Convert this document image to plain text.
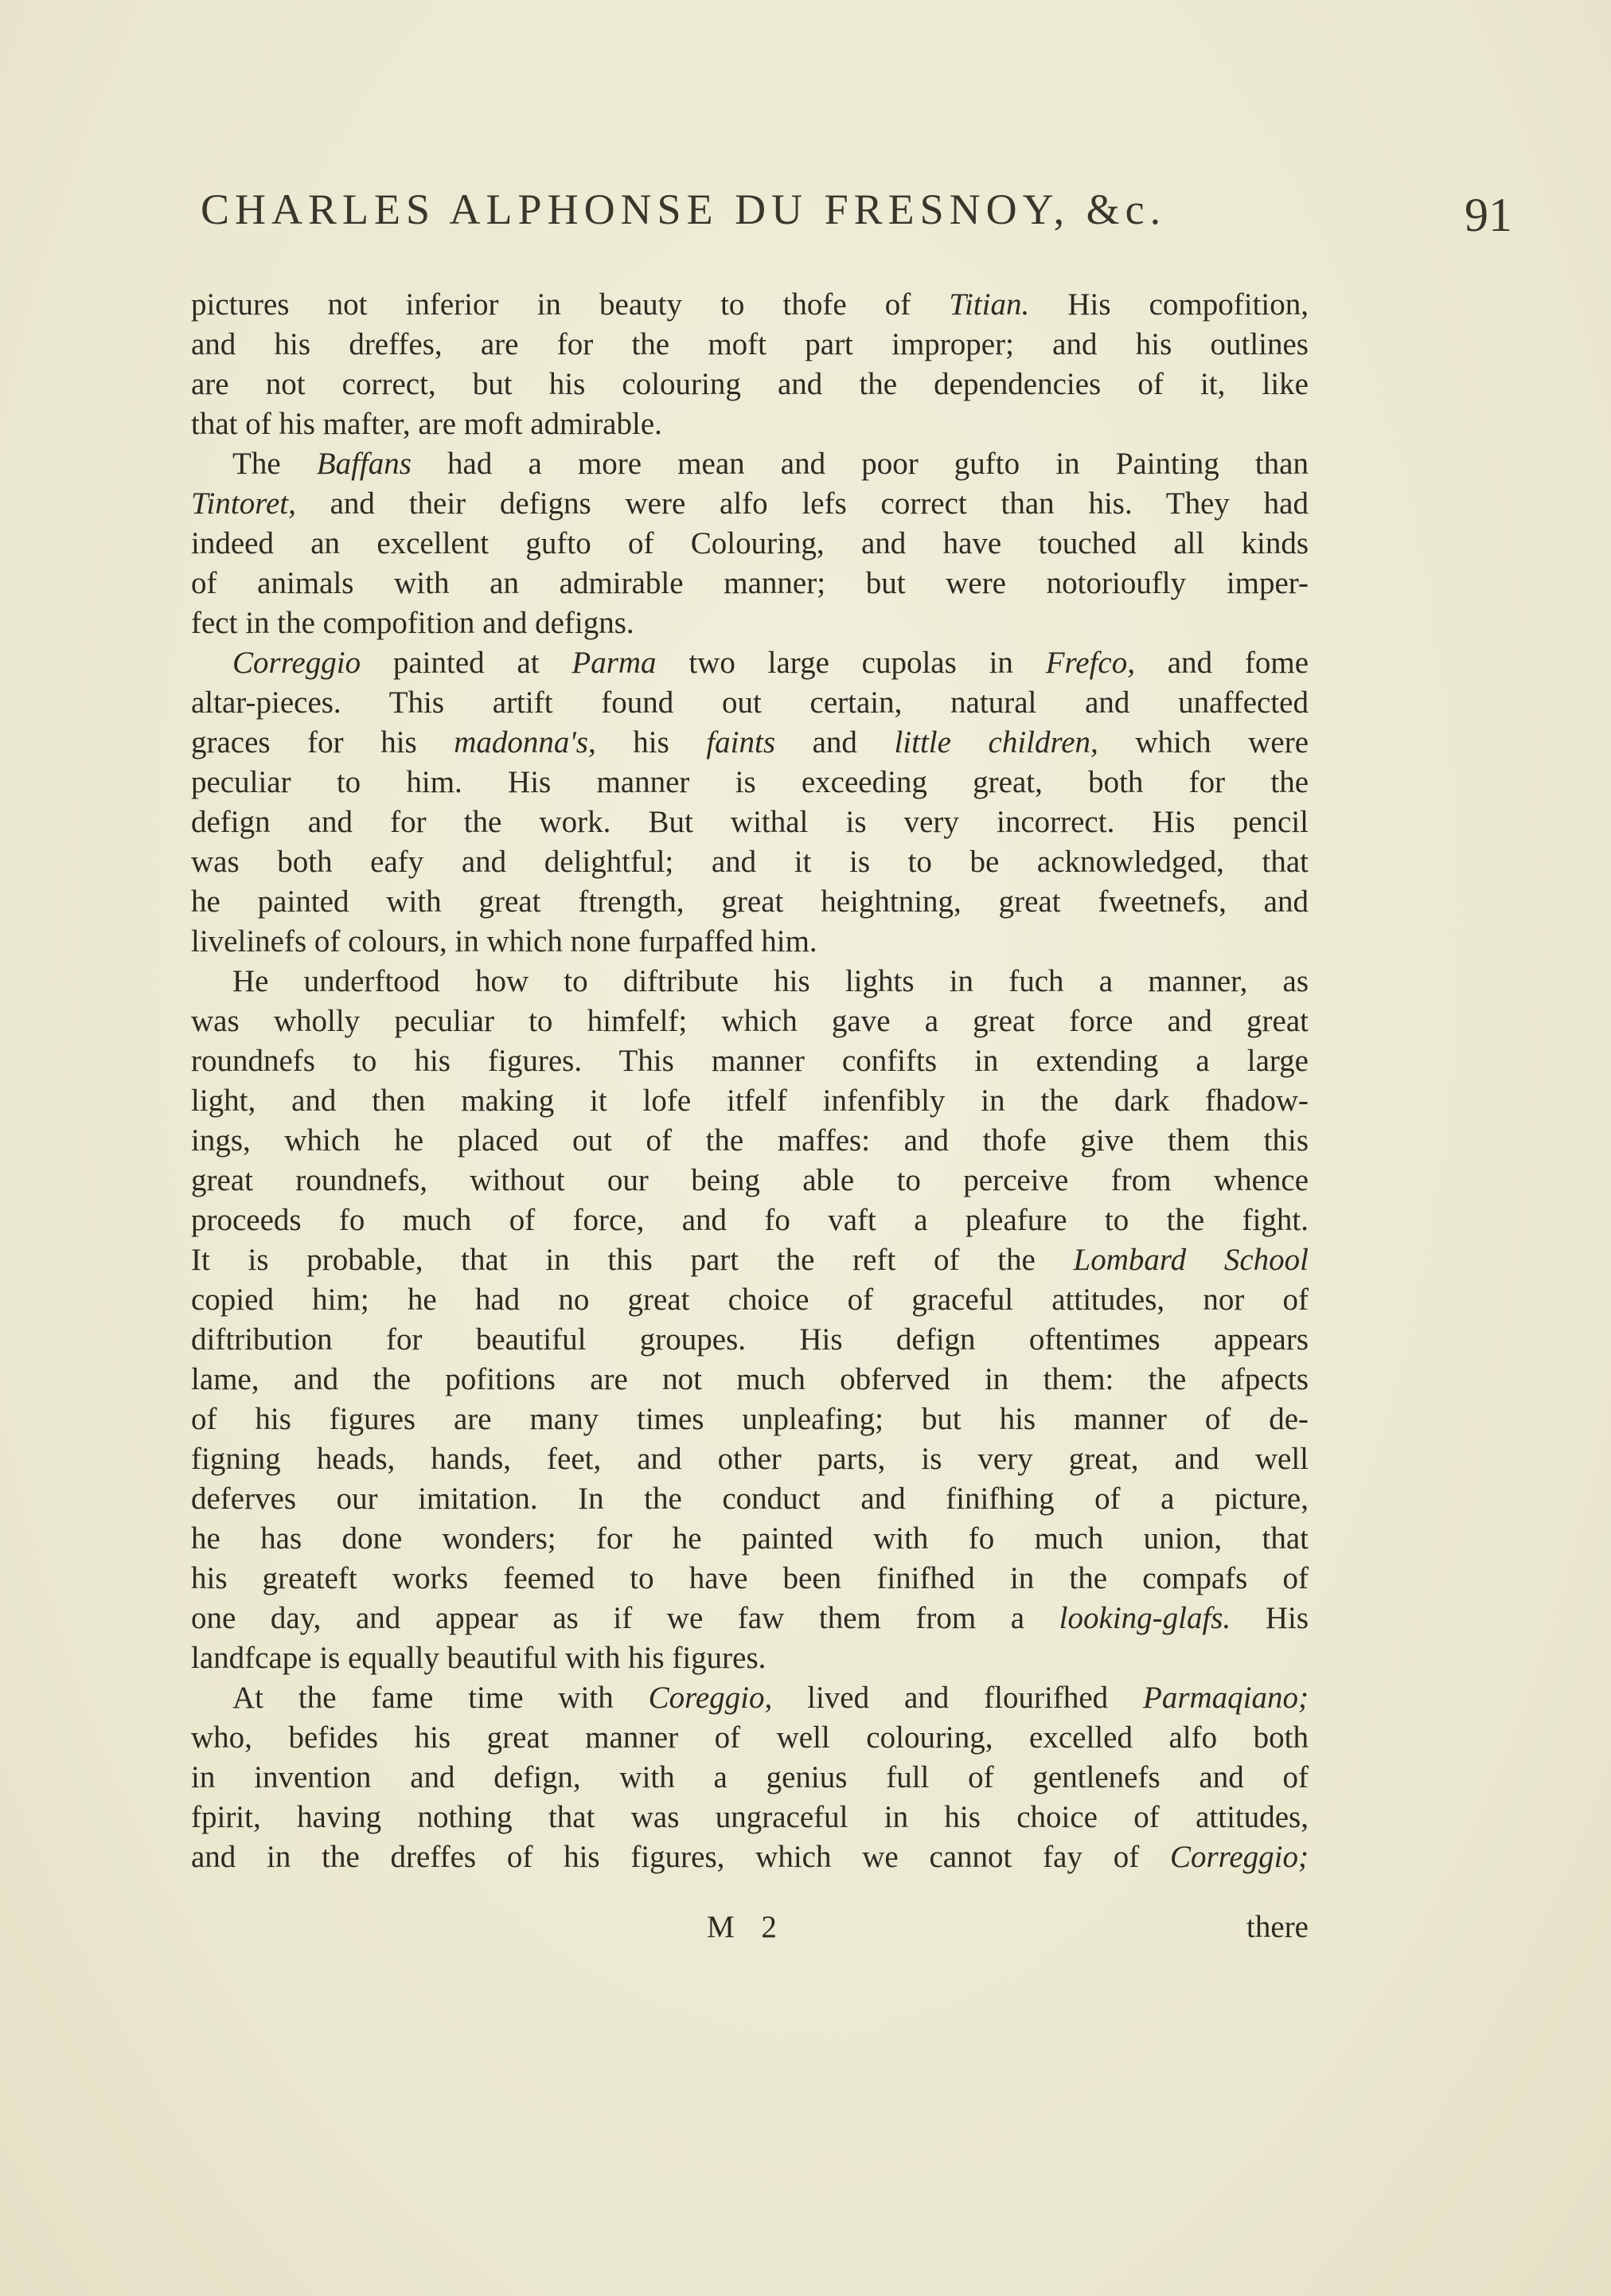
CHARLES ALPHONSE DU FRESNOY, &c.	91
pictures not inferior in beauty to thofe of Titian. His compofition,
and his dreffes, are for the moft part improper; and his outlines
are not correct, but his colouring and the dependencies of it, like
that of his mafter, are moft admirable.
The Baffans had a more mean and poor gufto in Painting than
Tintoret, and their defigns were alfo lefs correct than his. They had
indeed an excellent gufto of Colouring, and have touched all kinds
of animals with an admirable manner; but were notorioufly imper-
fect in the compofition and defigns.
Correggio painted at Parma two large cupolas in Frefco, and fome
altar-pieces. This artift found out certain, natural and unaffected
graces for his madonna's, his faints and little children, which were
peculiar to him. His manner is exceeding great, both for the
defign and for the work. But withal is very incorrect. His pencil
was both eafy and delightful; and it is to be acknowledged, that
he painted with great ftrength, great heightning, great fweetnefs, and
livelinefs of colours, in which none furpaffed him.
He underftood how to diftribute his lights in fuch a manner, as
was wholly peculiar to himfelf; which gave a great force and great
roundnefs to his figures. This manner confifts in extending a large
light, and then making it lofe itfelf infenfibly in the dark fhadow-
ings, which he placed out of the maffes: and thofe give them this
great roundnefs, without our being able to perceive from whence
proceeds fo much of force, and fo vaft a pleafure to the fight.
It is probable, that in this part the reft of the Lombard School
copied him; he had no great choice of graceful attitudes, nor of
diftribution for beautiful groupes. His defign oftentimes appears
lame, and the pofitions are not much obferved in them: the afpects
of his figures are many times unpleafing; but his manner of de-
figning heads, hands, feet, and other parts, is very great, and well
deferves our imitation. In the conduct and finifhing of a picture,
he has done wonders; for he painted with fo much union, that
his greateft works feemed to have been finifhed in the compafs of
one day, and appear as if we faw them from a looking-glafs. His
landfcape is equally beautiful with his figures.
At the fame time with Coreggio, lived and flourifhed Parmaqiano;
who, befides his great manner of well colouring, excelled alfo both
in invention and defign, with a genius full of gentlenefs and of
fpirit, having nothing that was ungraceful in his choice of attitudes,
and in the dreffes of his figures, which we cannot fay of Correggio;
M 2	there
